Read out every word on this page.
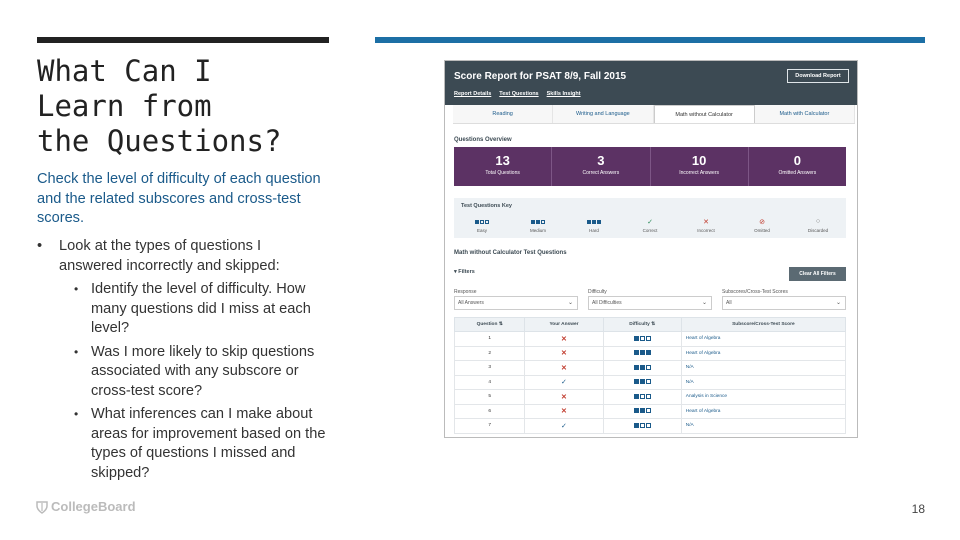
What Can I
Learn from
the Questions?
Check the level of difficulty of each question and the related subscores and cross-test scores.
• Look at the types of questions I answered incorrectly and skipped:
• Identify the level of difficulty. How many questions did I miss at each level?
• Was I more likely to skip questions associated with any subscore or cross-test score?
• What inferences can I make about areas for improvement based on the types of questions I missed and skipped?
CollegeBoard	18
Score Report for PSAT 8/9, Fall 2015	Download Report
Report Details Test Questions Skills Insight
Reading	Writing and Language	Math without Calculator	Math with Calculator
Questions Overview
13
Total Questions
3
Correct Answers
10
Incorrect Answers
0
Omitted Answers
Test Questions Key
Easy	Medium	Hard
✓
Correct
✕
Incorrect
⊘
Omitted
○
Discarded
Math without Calculator Test Questions
▾ Filters	Clear All Filters
Response
All Answers	⌄
Difficulty
All Difficulties	⌄
Subscores/Cross-Test Scores
All	⌄
Question ⇅	Your Answer	Difficulty ⇅	Subscore/Cross-Test Score
1	✕		Heart of Algebra
2	✕		Heart of Algebra
3	✕		N/A
4	✓		N/A
5	✕		Analysis in Science
6	✕		Heart of Algebra
7	✓		N/A
